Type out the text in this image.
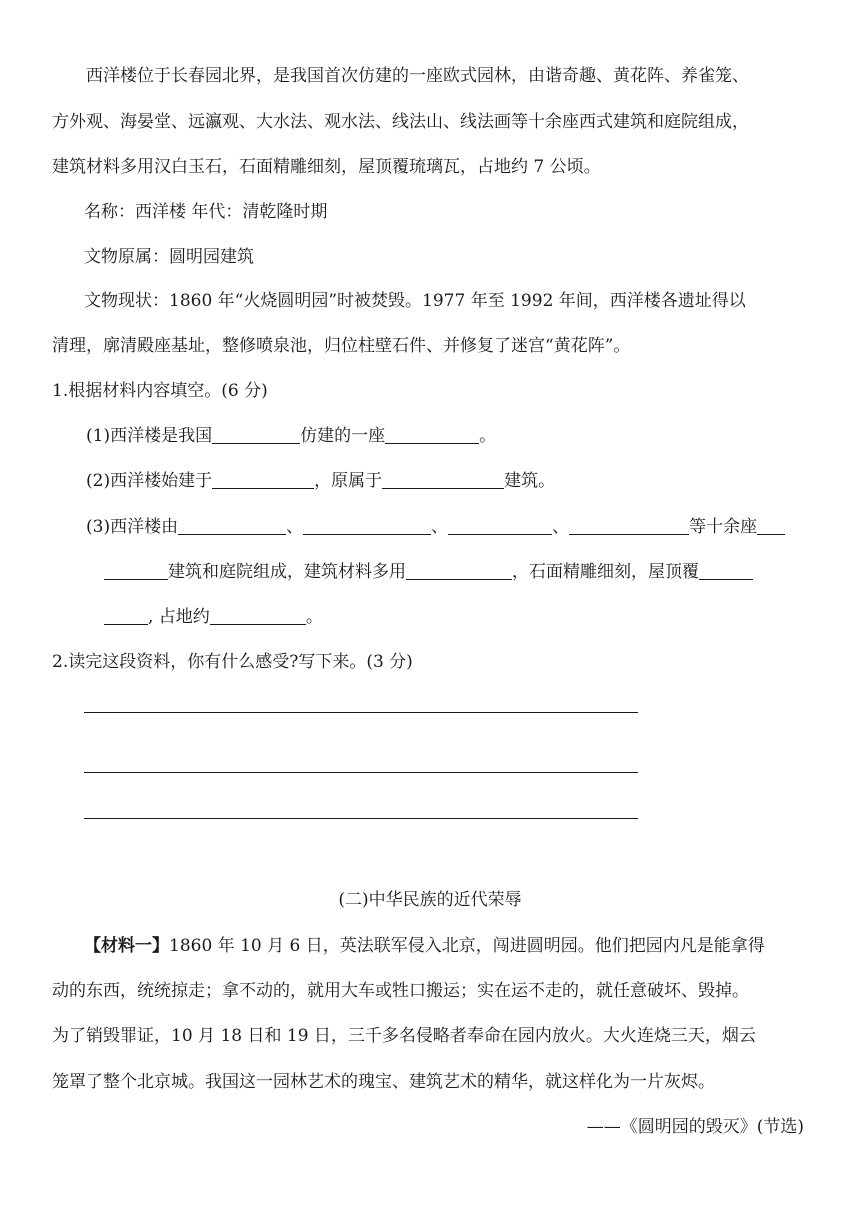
西洋楼位于长春园北界，是我国首次仿建的一座欧式园林，由谐奇趣、黄花阵、养雀笼、
方外观、海晏堂、远瀛观、大水法、观水法、线法山、线法画等十余座西式建筑和庭院组成，
建筑材料多用汉白玉石，石面精雕细刻，屋顶覆琉璃瓦，占地约 7 公顷。
名称：西洋楼 年代：清乾隆时期
文物原属：圆明园建筑
文物现状：1860 年“火烧圆明园”时被焚毁。1977 年至 1992 年间，西洋楼各遗址得以
清理，廓清殿座基址，整修喷泉池，归位柱壁石件、并修复了迷宫“黄花阵”。
1.根据材料内容填空。(6 分)
(1)西洋楼是我国	仿建的一座	。
(2)西洋楼始建于	，原属于	建筑。
(3)西洋楼由	、	、	、	等十余座
建筑和庭院组成，建筑材料多用	，石面精雕细刻，屋顶覆
, 占地约	。
2.读完这段资料，你有什么感受?写下来。(3 分)
(二)中华民族的近代荣辱
【材料一】1860 年 10 月 6 日，英法联军侵入北京，闯进圆明园。他们把园内凡是能拿得
动的东西，统统掠走；拿不动的，就用大车或牲口搬运；实在运不走的，就任意破坏、毁掉。
为了销毁罪证，10 月 18 日和 19 日，三千多名侵略者奉命在园内放火。大火连烧三天，烟云
笼罩了整个北京城。我国这一园林艺术的瑰宝、建筑艺术的精华，就这样化为一片灰烬。
——《圆明园的毁灭》(节选)
